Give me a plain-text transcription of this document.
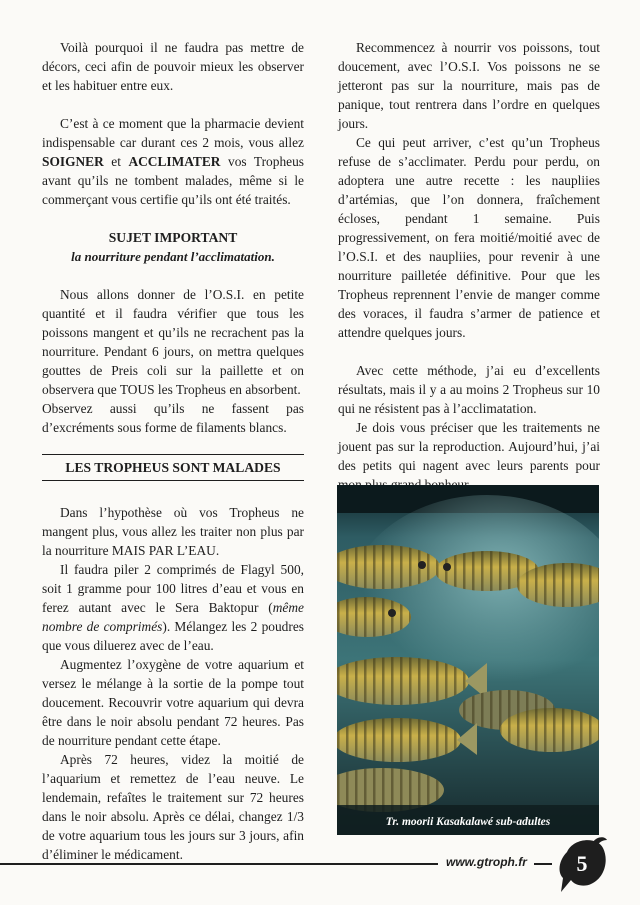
Voilà pourquoi il ne faudra pas mettre de décors, ceci afin de pouvoir mieux les observer et les habituer entre eux.

C’est à ce moment que la pharmacie devient indispensable car durant ces 2 mois, vous allez SOIGNER et ACCLIMATER vos Tropheus avant qu’ils ne tombent malades, même si le commerçant vous certifie qu’ils ont été traités.

SUJET IMPORTANT
la nourriture pendant l’acclimatation.

Nous allons donner de l’O.S.I. en petite quantité et il faudra vérifier que tous les poissons mangent et qu’ils ne recrachent pas la nourriture. Pendant 6 jours, on mettra quelques gouttes de Preis coli sur la paillette et on observera que TOUS les Tropheus en absorbent.

Observez aussi qu’ils ne fassent pas d’excréments sous forme de filaments blancs.

LES TROPHEUS SONT MALADES

Dans l’hypothèse où vos Tropheus ne mangent plus, vous allez les traiter non plus par la nourriture MAIS PAR L’EAU.

Il faudra piler 2 comprimés de Flagyl 500, soit 1 gramme pour 100 litres d’eau et vous en ferez autant avec le Sera Baktopur (même nombre de comprimés). Mélangez les 2 poudres que vous diluerez avec de l’eau.

Augmentez l’oxygène de votre aquarium et versez le mélange à la sortie de la pompe tout doucement. Recouvrir votre aquarium qui devra être dans le noir absolu pendant 72 heures. Pas de nourriture pendant cette étape.

Après 72 heures, videz la moitié de l’aquarium et remettez de l’eau neuve. Le lendemain, refaîtes le traitement sur 72 heures dans le noir absolu. Après ce délai, changez 1/3 de votre aquarium tous les jours sur 3 jours, afin d’éliminer le médicament.

Recommencez à nourrir vos poissons, tout doucement, avec l’O.S.I. Vos poissons ne se jetteront pas sur la nourriture, mais pas de panique, tout rentrera dans l’ordre en quelques jours.

Ce qui peut arriver, c’est qu’un Tropheus refuse de s’acclimater. Perdu pour perdu, on adoptera une autre recette : les naupliies d’artémias, que l’on donnera, fraîchement écloses, pendant 1 semaine. Puis progressivement, on fera moitié/moitié avec de l’O.S.I. et des naupliies, pour revenir à une nourriture pailletée définitive. Pour que les Tropheus reprennent l’envie de manger comme des voraces, il faudra s’armer de patience et attendre quelques jours.

Avec cette méthode, j’ai eu d’excellents résultats, mais il y a au moins 2 Tropheus sur 10 qui ne résistent pas à l’acclimatation.

Je dois vous préciser que les traitements ne jouent pas sur la reproduction. Aujourd’hui, j’ai des petits qui nagent avec leurs parents pour

Tr. moorii Kasakalawé sub-adultes
www.gtroph.fr 5
